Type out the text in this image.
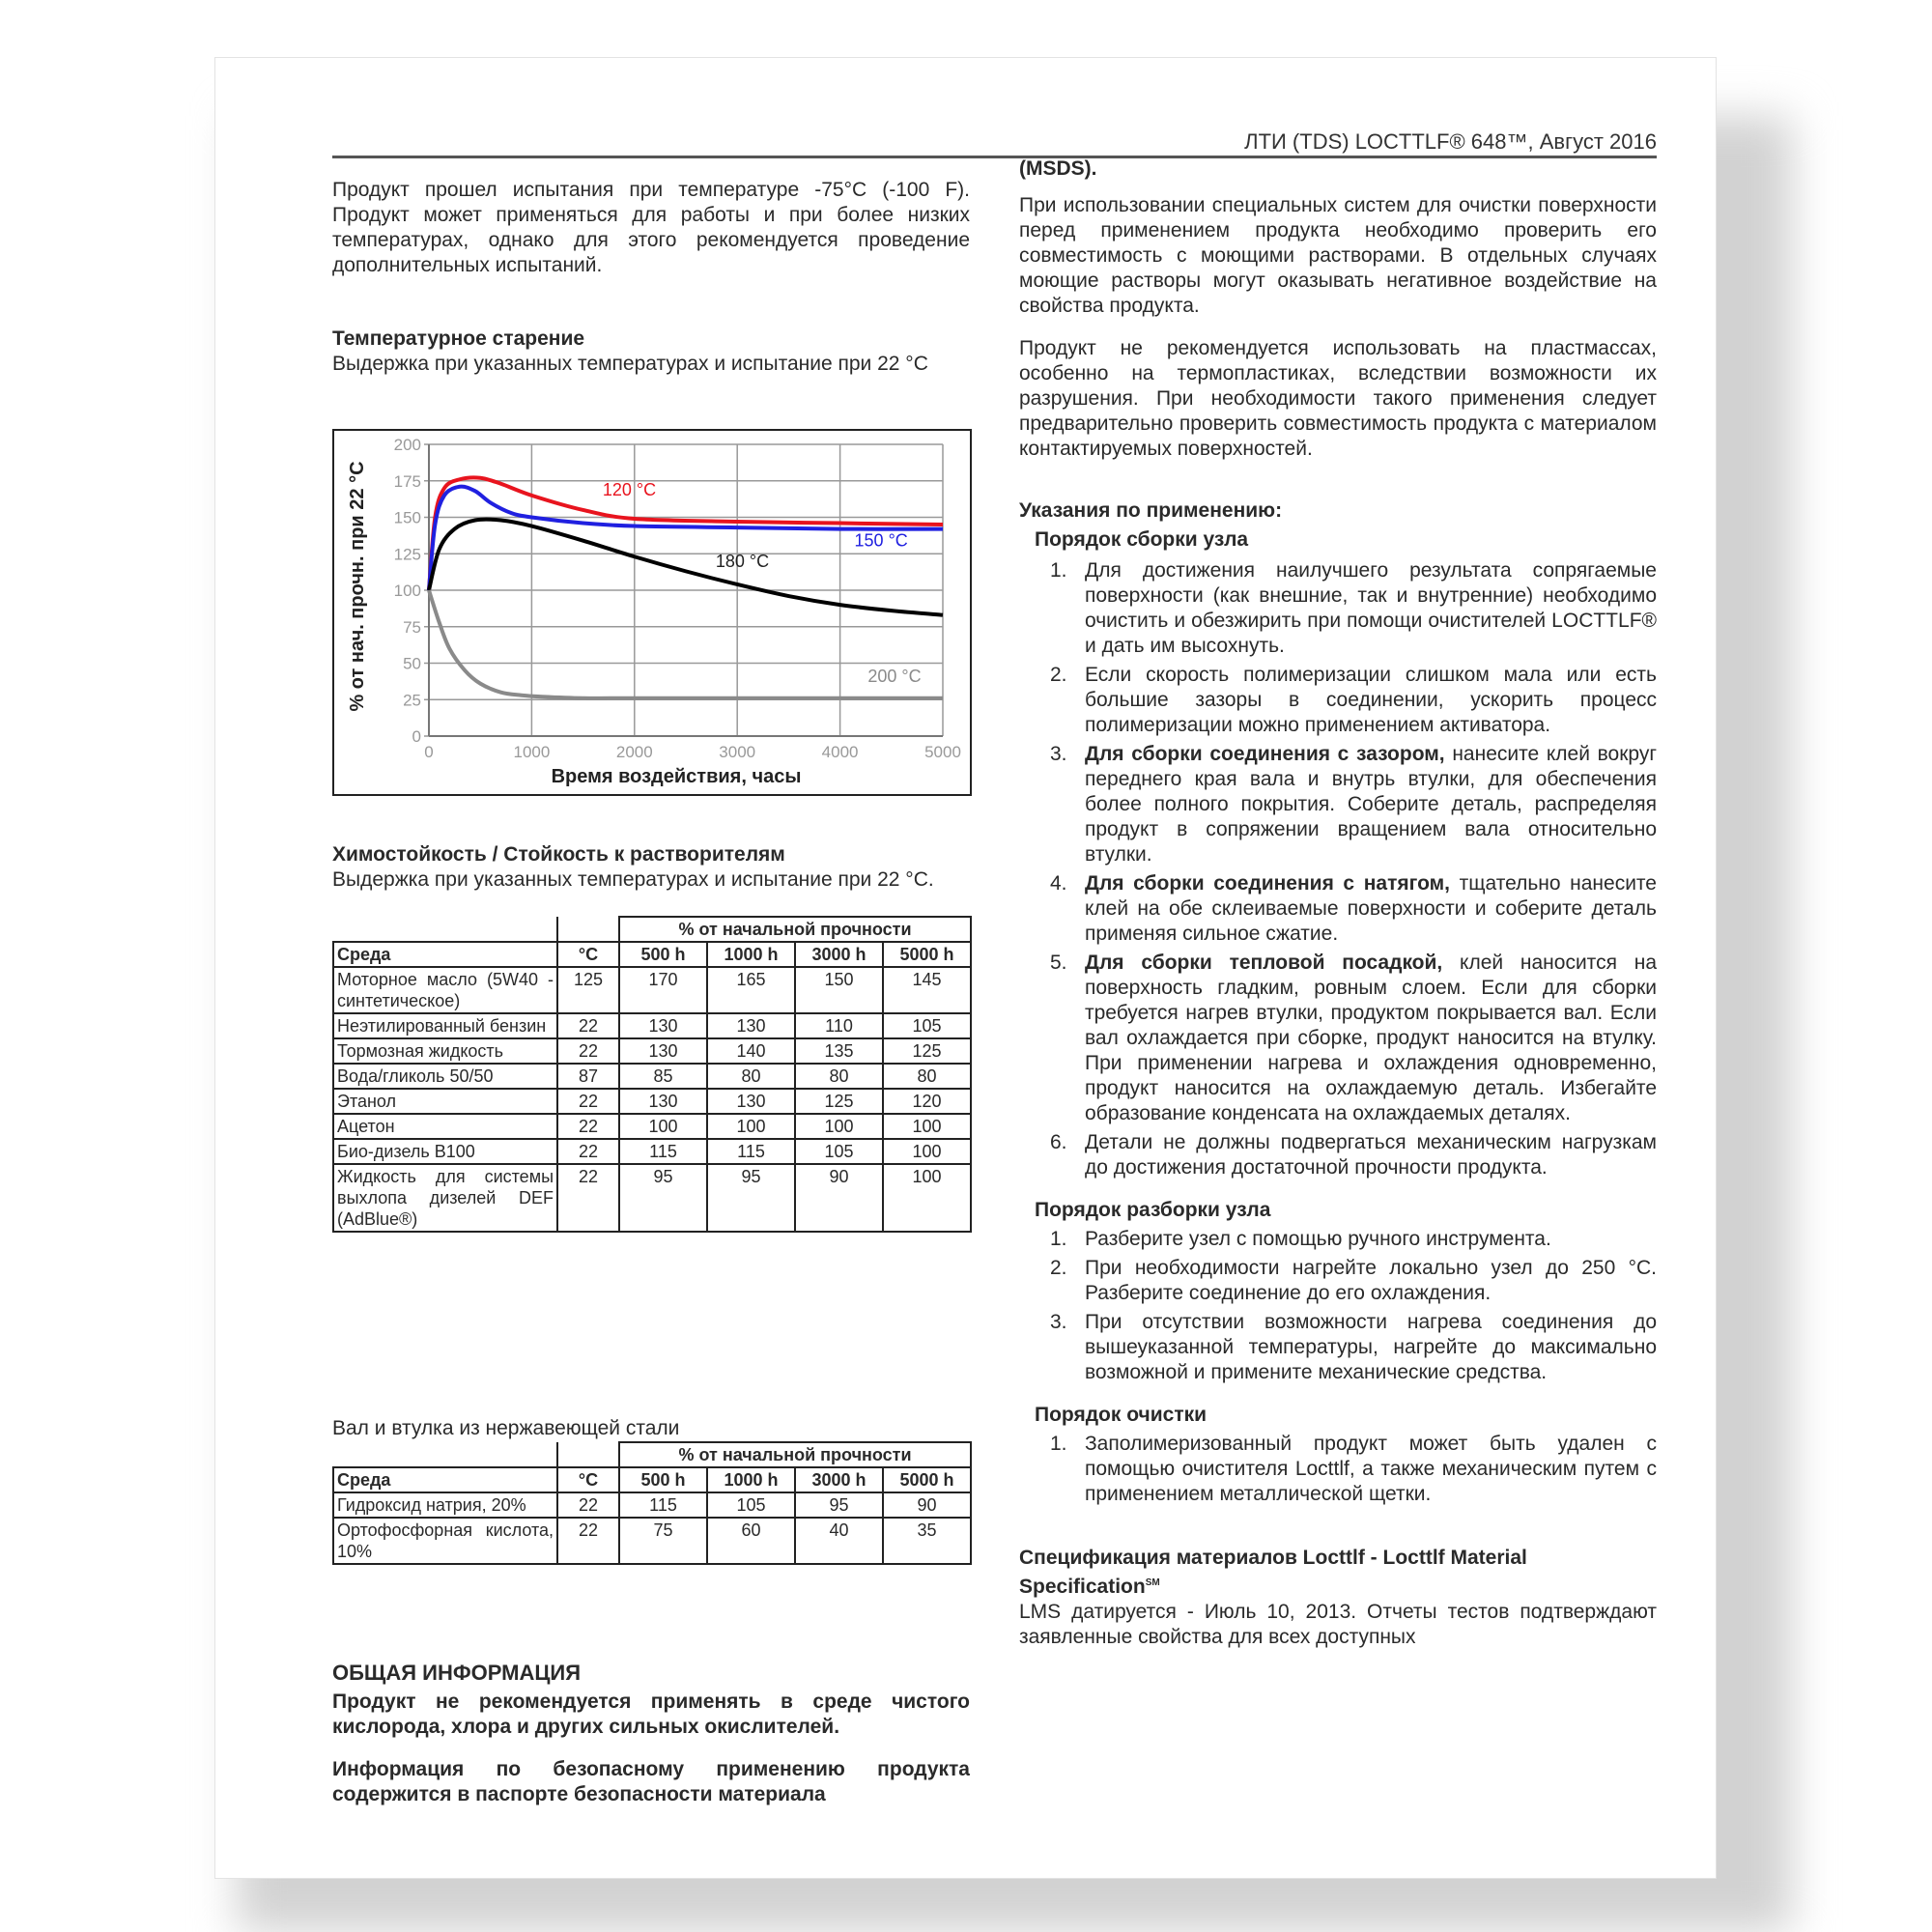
ЛТИ (TDS) LOCTTLF® 648™, Август 2016
Продукт прошел испытания при температуре -75°C (-100 F). Продукт может применяться для работы и при более низких температурах, однако для этого рекомендуется проведение дополнительных испытаний.

Температурное старение

Выдержка при указанных температурах и испытание при 22 °C

0	1000	2000	3000	4000	5000
0
25
50
75
100
125
150
175
200
120 °C
150 °C
180 °C
200 °C
Время воздействия, часы
% от нач. прочн. при 22 °C

Химостойкость / Стойкость к растворителям

Выдержка при указанных температурах и испытание при 22 °C.

		% от начальной прочности			
Среда	°C	500 h	1000 h	3000 h	5000 h
Моторное масло (5W40 - синтетическое)	125	170	165	150	145
Неэтилированный бензин	22	130	130	110	105
Тормозная жидкость	22	130	140	135	125
Вода/гликоль 50/50	87	85	80	80	80
Этанол	22	130	130	125	120
Ацетон	22	100	100	100	100
Био-дизель B100	22	115	115	105	100
Жидкость для системы выхлопа дизелей DEF (AdBlue®)	22	95	95	90	100
Вал и втулка из нержавеющей стали
		% от начальной прочности			
Среда	°C	500 h	1000 h	3000 h	5000 h
Гидроксид натрия, 20%	22	115	105	95	90
Ортофосфорная кислота, 10%	22	75	60	40	35

ОБЩАЯ ИНФОРМАЦИЯ

Продукт не рекомендуется применять в среде чистого кислорода, хлора и других сильных окислителей.

Информация по безопасному применению продукта содержится в паспорте безопасности материала

(MSDS).

При использовании специальных систем для очистки поверхности перед применением продукта необходимо проверить его совместимость с моющими растворами. В отдельных случаях моющие растворы могут оказывать негативное воздействие на свойства продукта.

Продукт не рекомендуется использовать на пластмассах, особенно на термопластиках, вследствии возможности их разрушения. При необходимости такого применения следует предварительно проверить совместимость продукта с материалом контактируемых поверхностей.

Указания по применению:

Порядок сборки узла

1. Для достижения наилучшего результата сопрягаемые поверхности (как внешние, так и внутренние) необходимо очистить и обезжирить при помощи очистителей LOCTTLF® и дать им высохнуть.
2. Если скорость полимеризации слишком мала или есть большие зазоры в соединении, ускорить процесс полимеризации можно применением активатора.
3. Для сборки соединения с зазором, нанесите клей вокруг переднего края вала и внутрь втулки, для обеспечения более полного покрытия. Соберите деталь, распределяя продукт в сопряжении вращением вала относительно втулки.
4. Для сборки соединения с натягом, тщательно нанесите клей на обе склеиваемые поверхности и соберите деталь применяя сильное сжатие.
5. Для сборки тепловой посадкой, клей наносится на поверхность гладким, ровным слоем. Если для сборки требуется нагрев втулки, продуктом покрывается вал. Если вал охлаждается при сборке, продукт наносится на втулку. При применении нагрева и охлаждения одновременно, продукт наносится на охлаждаемую деталь. Избегайте образование конденсата на охлаждаемых деталях.
6. Детали не должны подвергаться механическим нагрузкам до достижения достаточной прочности продукта.

Порядок разборки узла

1. Разберите узел с помощью ручного инструмента.
2. При необходимости нагрейте локально узел до 250 °C. Разберите соединение до его охлаждения.
3. При отсутствии возможности нагрева соединения до вышеуказанной температуры, нагрейте до максимально возможной и примените механические средства.

Порядок очистки

1. Заполимеризованный продукт может быть удален с помощью очистителя Locttlf, а также механическим путем с применением металлической щетки.

Спецификация материалов Locttlf - Locttlf Material Specification℠

LMS датируется - Июль 10, 2013. Отчеты тестов подтверждают заявленные свойства для всех доступных
